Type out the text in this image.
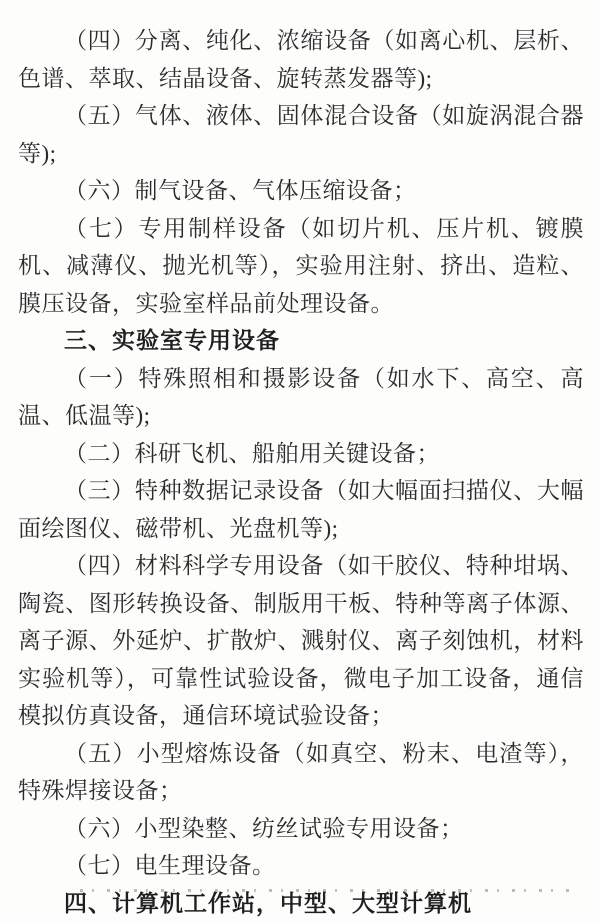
（四）分离、纯化、浓缩设备（如离心机、层析、色谱、萃取、结晶设备、旋转蒸发器等);

（五）气体、液体、固体混合设备（如旋涡混合器等);

（六）制气设备、气体压缩设备；

（七）专用制样设备（如切片机、压片机、镀膜机、减薄仪、抛光机等），实验用注射、挤出、造粒、膜压设备，实验室样品前处理设备。

三、实验室专用设备

（一）特殊照相和摄影设备（如水下、高空、高温、低温等);

（二）科研飞机、船舶用关键设备；

（三）特种数据记录设备（如大幅面扫描仪、大幅面绘图仪、磁带机、光盘机等);

（四）材料科学专用设备（如干胶仪、特种坩埚、陶瓷、图形转换设备、制版用干板、特种等离子体源、离子源、外延炉、扩散炉、溅射仪、离子刻蚀机，材料实验机等），可靠性试验设备，微电子加工设备，通信模拟仿真设备，通信环境试验设备；

（五）小型熔炼设备（如真空、粉末、电渣等），特殊焊接设备；

（六）小型染整、纺丝试验专用设备；

（七）电生理设备。

四、计算机工作站，中型、大型计算机
